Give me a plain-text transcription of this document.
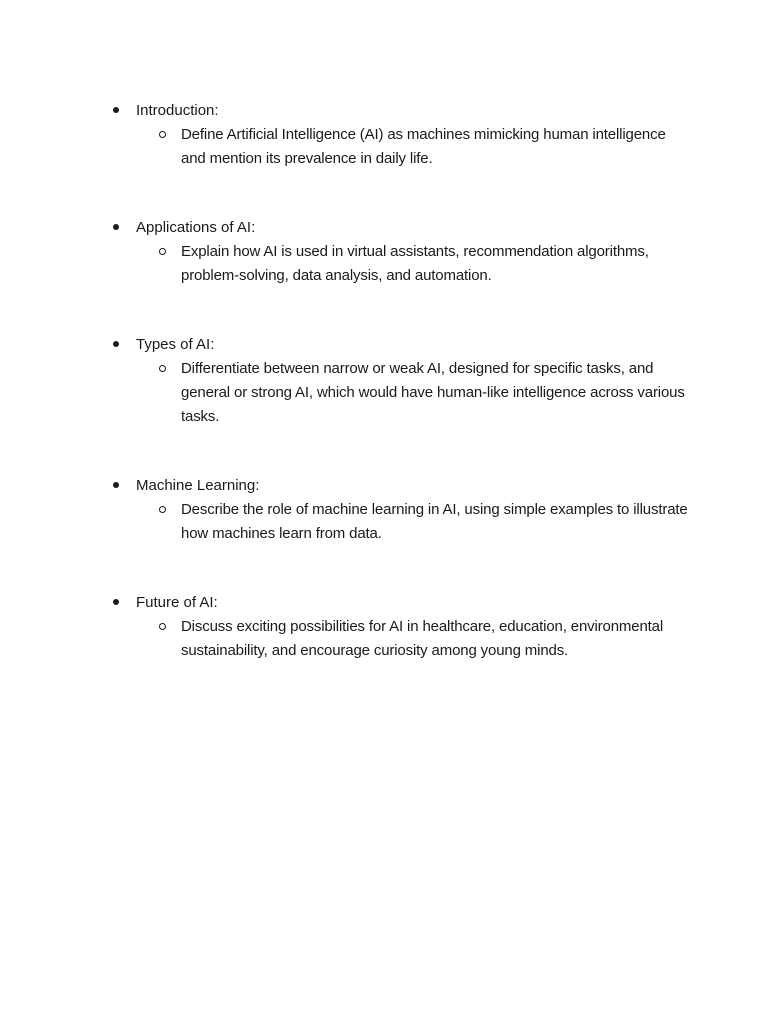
Introduction:
Define Artificial Intelligence (AI) as machines mimicking human intelligence and mention its prevalence in daily life.
Applications of AI:
Explain how AI is used in virtual assistants, recommendation algorithms, problem-solving, data analysis, and automation.
Types of AI:
Differentiate between narrow or weak AI, designed for specific tasks, and general or strong AI, which would have human-like intelligence across various tasks.
Machine Learning:
Describe the role of machine learning in AI, using simple examples to illustrate how machines learn from data.
Future of AI:
Discuss exciting possibilities for AI in healthcare, education, environmental sustainability, and encourage curiosity among young minds.
